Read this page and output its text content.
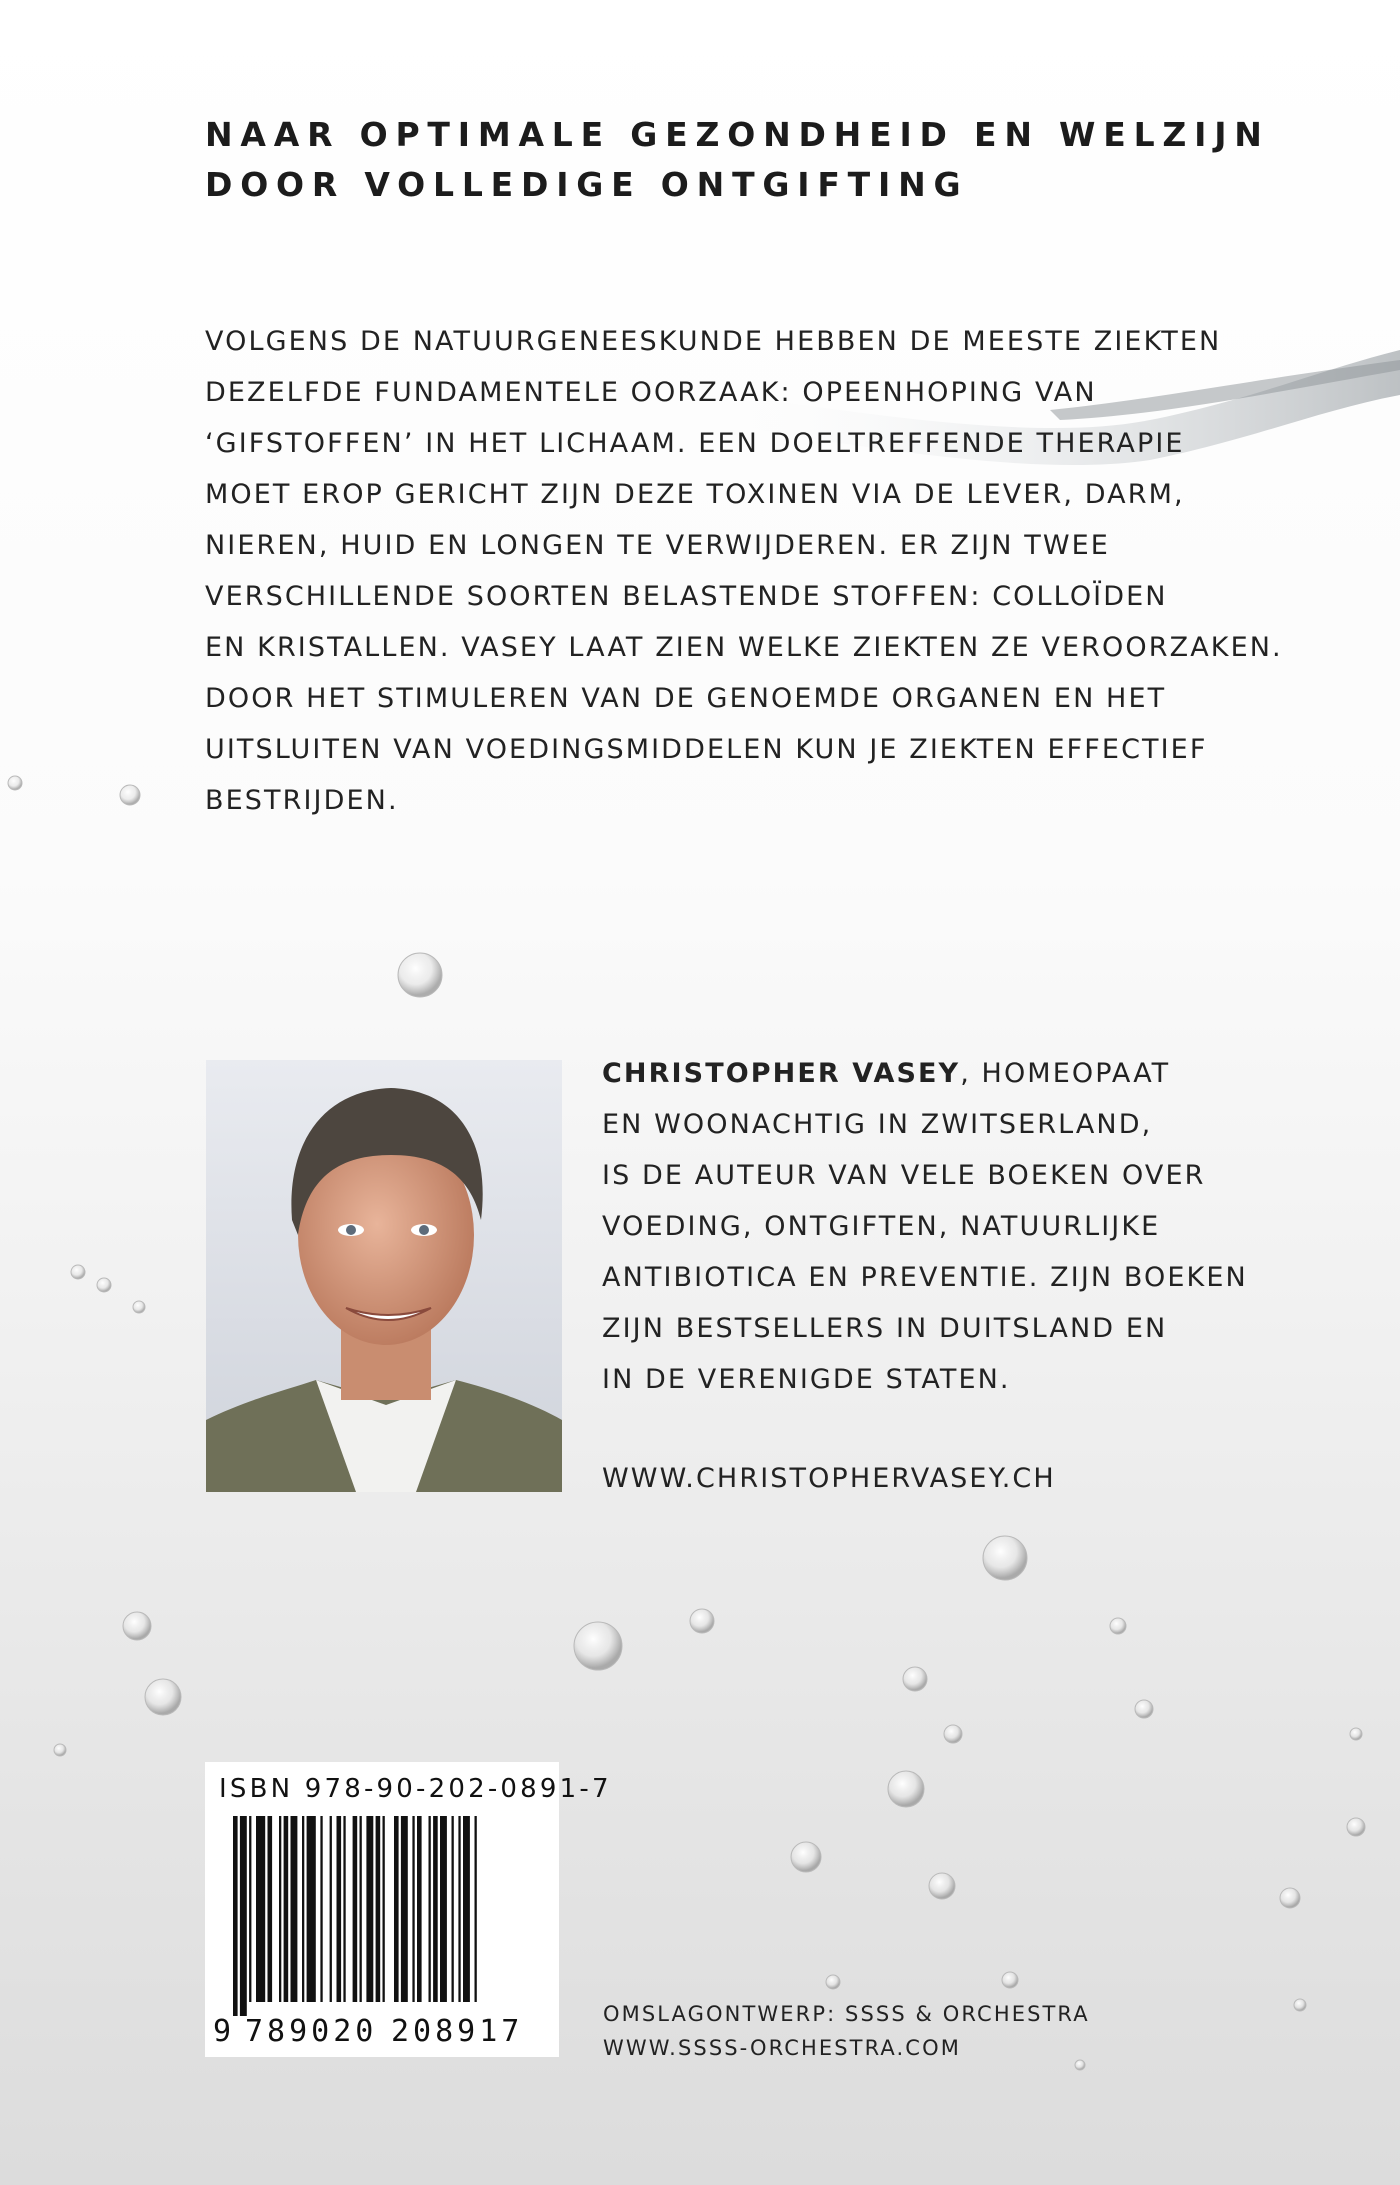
NAAR OPTIMALE GEZONDHEID EN WELZIJN
DOOR VOLLEDIGE ONTGIFTING
VOLGENS DE NATUURGENEESKUNDE HEBBEN DE MEESTE ZIEKTEN
DEZELFDE FUNDAMENTELE OORZAAK: OPEENHOPING VAN
‘GIFSTOFFEN’ IN HET LICHAAM. EEN DOELTREFFENDE THERAPIE
MOET EROP GERICHT ZIJN DEZE TOXINEN VIA DE LEVER, DARM,
NIEREN, HUID EN LONGEN TE VERWIJDEREN. ER ZIJN TWEE
VERSCHILLENDE SOORTEN BELASTENDE STOFFEN: COLLOÏDEN
EN KRISTALLEN. VASEY LAAT ZIEN WELKE ZIEKTEN ZE VEROORZAKEN.
DOOR HET STIMULEREN VAN DE GENOEMDE ORGANEN EN HET
UITSLUITEN VAN VOEDINGSMIDDELEN KUN JE ZIEKTEN EFFECTIEF
BESTRIJDEN.
CHRISTOPHER VASEY, HOMEOPAAT
EN WOONACHTIG IN ZWITSERLAND,
IS DE AUTEUR VAN VELE BOEKEN OVER
VOEDING, ONTGIFTEN, NATUURLIJKE
ANTIBIOTICA EN PREVENTIE. ZIJN BOEKEN
ZIJN BESTSELLERS IN DUITSLAND EN
IN DE VERENIGDE STATEN.
WWW.CHRISTOPHERVASEY.CH
ISBN 978-90-202-0891-7
9 789020 208917	OMSLAGONTWERP: SSSS & ORCHESTRA
WWW.SSSS-ORCHESTRA.COM
